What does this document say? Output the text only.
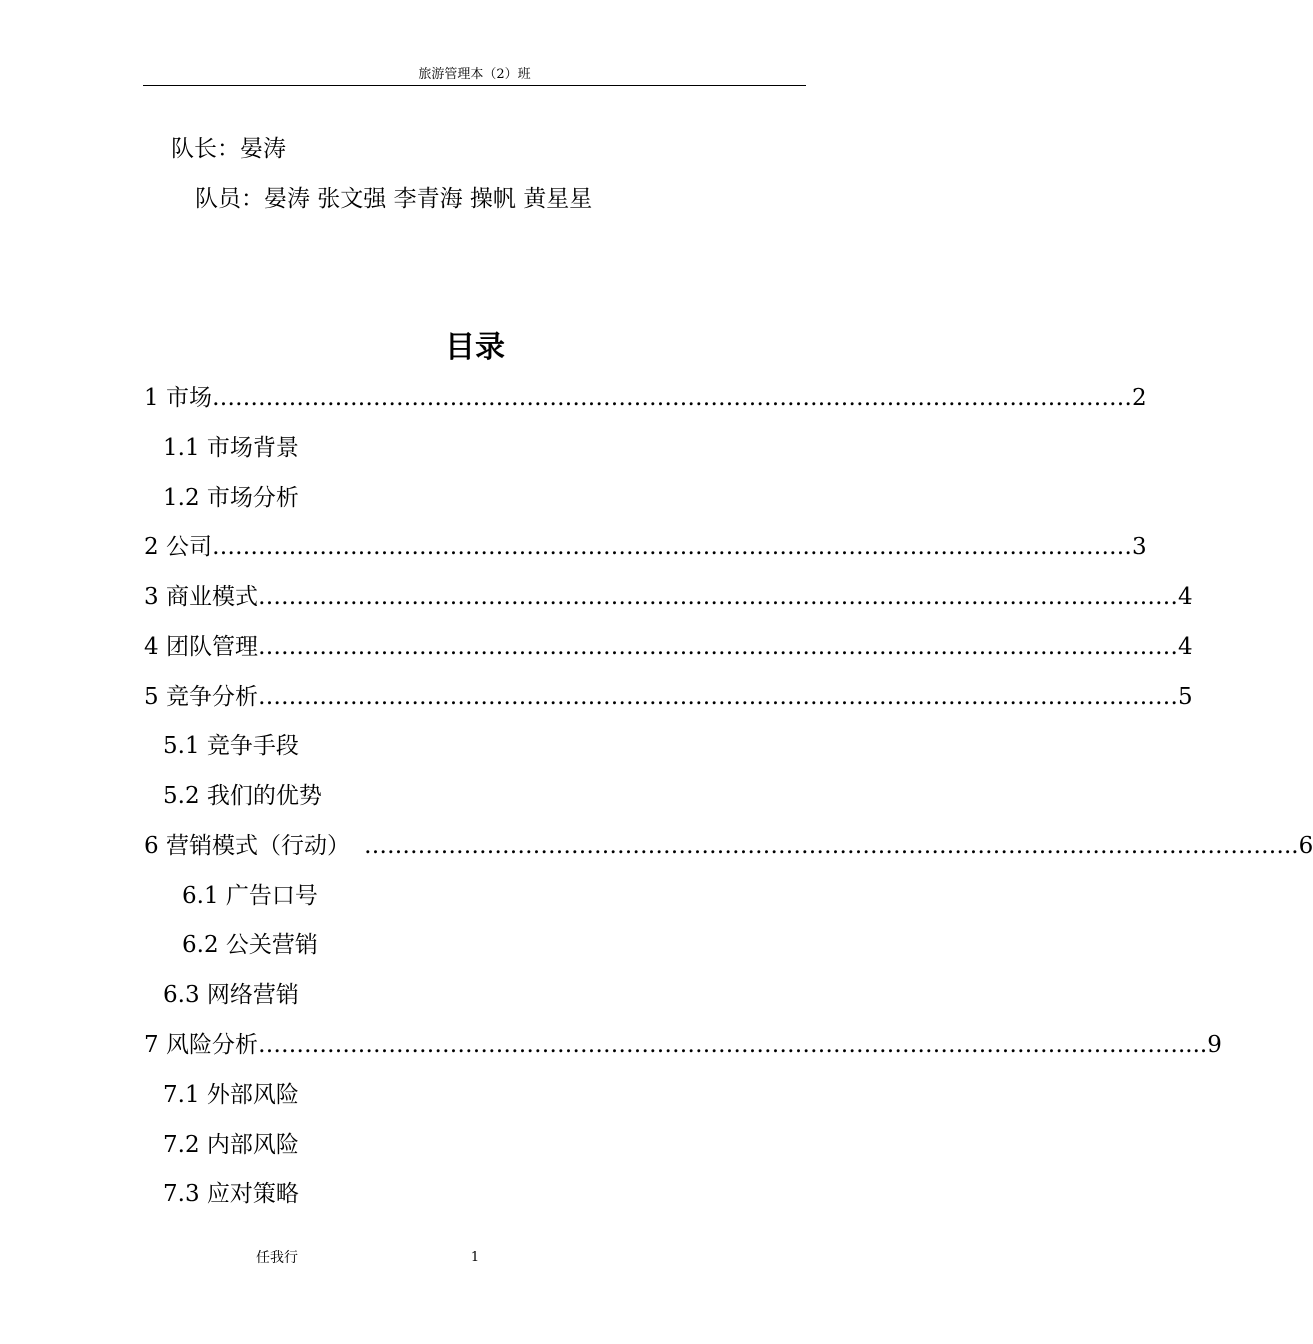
旅游管理本（2）班
队长：晏涛
队员：晏涛 张文强 李青海 操帆 黄星星
目录
1 市场 ………………………………………………………………………………………………………… 2
1.1 市场背景
1.2 市场分析
2 公司 ………………………………………………………………………………………………………… 3
3 商业模式 ………………………………………………………………………………………………………… 4
4 团队管理 ………………………………………………………………………………………………………… 4
5 竞争分析 ………………………………………………………………………………………………………… 5
5.1 竞争手段
5.2 我们的优势
6 营销模式（行动） ………………………………………………………………………………………………………… ..6
6.1 广告口号
6.2 公关营销
6.3 网络营销
7 风险分析 ………………………………………………………………………………………………………… ....9
7.1 外部风险
7.2 内部风险
7.3 应对策略
任我行	1
